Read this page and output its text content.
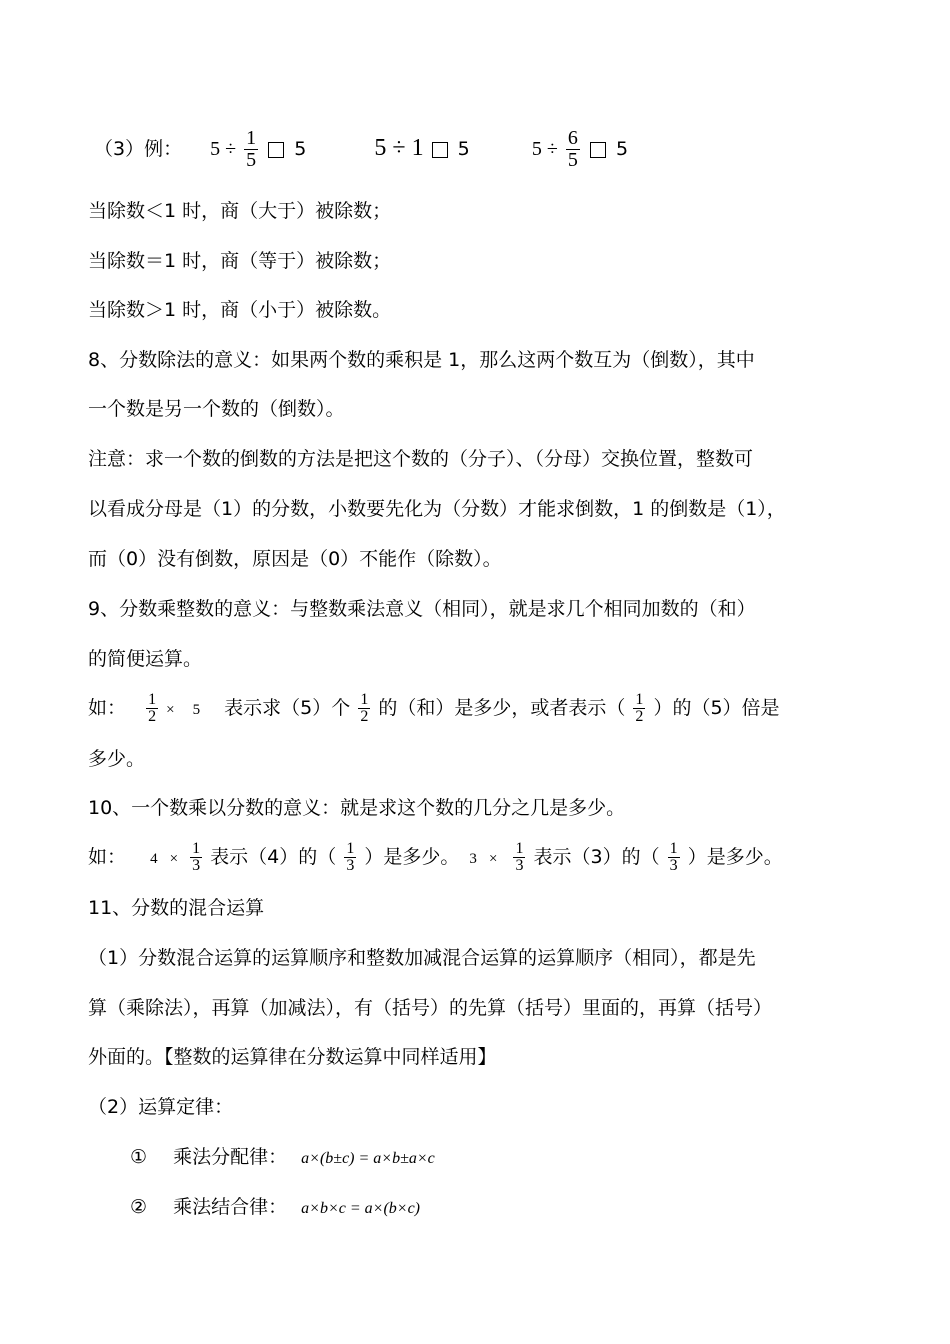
（3）例： $5 \div \frac{1}{5} 5$	5 ÷ 1 5	$5 \div \frac{6}{5} 5$
当除数＜1 时，商（大于）被除数；
当除数＝1 时，商（等于）被除数；
当除数＞1 时，商（小于）被除数。
8、分数除法的意义：如果两个数的乘积是 1，那么这两个数互为（倒数），其中
一个数是另一个数的（倒数）。
注意：求一个数的倒数的方法是把这个数的（分子）、（分母）交换位置，整数可
以看成分母是（1）的分数，小数要先化为（分数）才能求倒数，1 的倒数是（1），
而（0）没有倒数，原因是（0）不能作（除数）。
9、分数乘整数的意义：与整数乘法意义（相同），就是求几个相同加数的（和）
的简便运算。
如： $\frac{1}{2} \times 5$ 表示求（5）个 $\frac{1}{2}$ 的（和）是多少，或者表示（ $\frac{1}{2}$ ）的（5）倍是
多少。
10、一个数乘以分数的意义：就是求这个数的几分之几是多少。
如： $4 \times \frac{1}{3}$ 表示（4）的（ $\frac{1}{3}$ ）是多少。 $3 \times \frac{1}{3}$ 表示（3）的（ $\frac{1}{3}$ ）是多少。
11、分数的混合运算
（1）分数混合运算的运算顺序和整数加减混合运算的运算顺序（相同），都是先
算（乘除法），再算（加减法），有（括号）的先算（括号）里面的，再算（括号）
外面的。【整数的运算律在分数运算中同样适用】
（2）运算定律：
① 乘法分配律： a×(b±c) = a×b±a×c
② 乘法结合律： a×b×c = a×(b×c)
